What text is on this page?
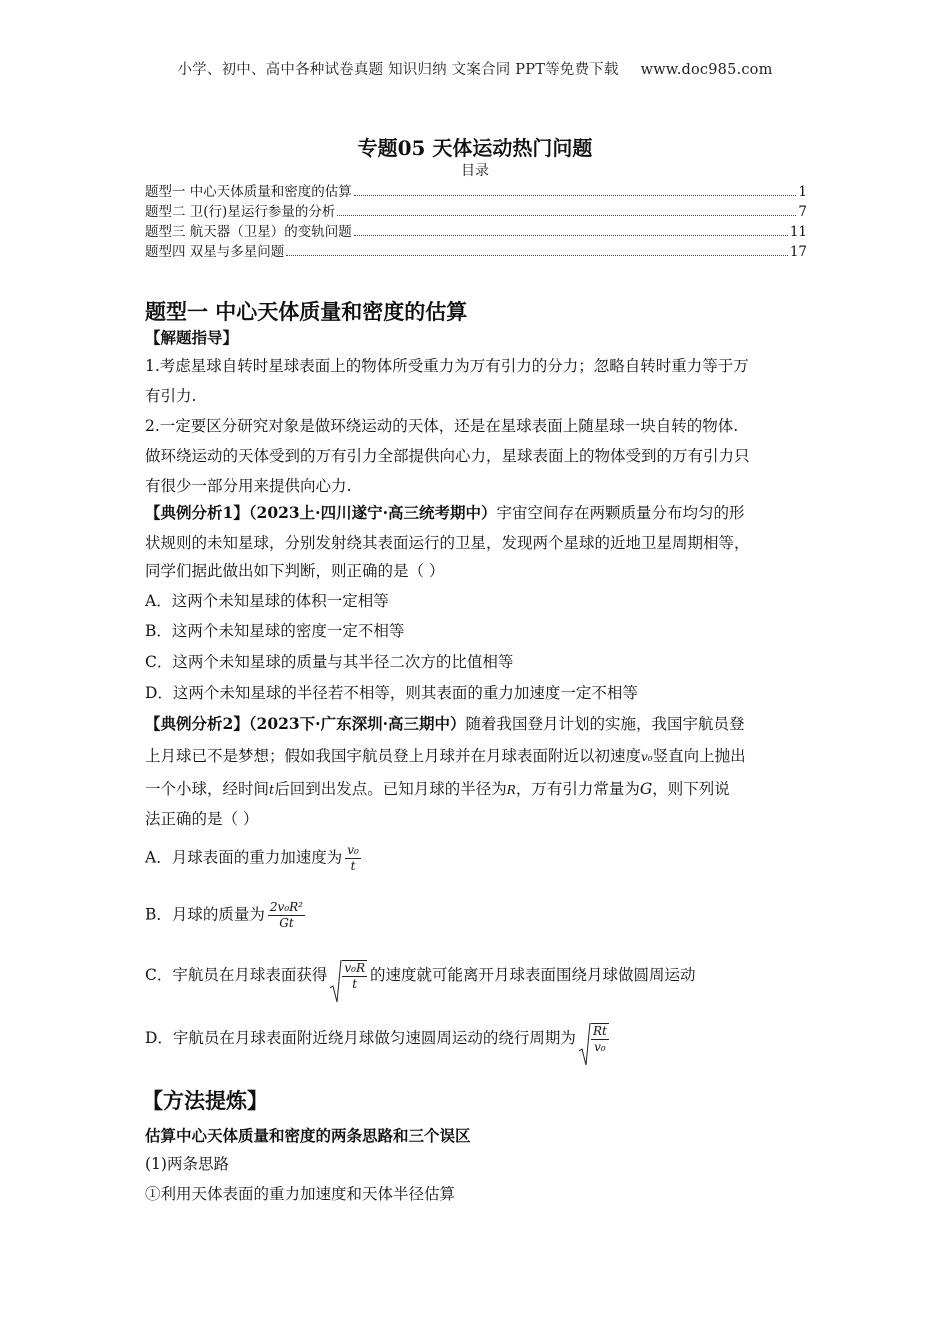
小学、初中、高中各种试卷真题 知识归纳 文案合同 PPT等免费下载 www.doc985.com
专题05 天体运动热门问题
目录
题型一 中心天体质量和密度的估算	1
题型二 卫(行)星运行参量的分析	7
题型三 航天器（卫星）的变轨问题	11
题型四 双星与多星问题	17
题型一 中心天体质量和密度的估算
【解题指导】
1.考虑星球自转时星球表面上的物体所受重力为万有引力的分力；忽略自转时重力等于万
有引力.
2.一定要区分研究对象是做环绕运动的天体，还是在星球表面上随星球一块自转的物体.
做环绕运动的天体受到的万有引力全部提供向心力，星球表面上的物体受到的万有引力只
有很少一部分用来提供向心力.
【典例分析1】（2023上·四川遂宁·高三统考期中）宇宙空间存在两颗质量分布均匀的形
状规则的未知星球，分别发射绕其表面运行的卫星，发现两个星球的近地卫星周期相等，
同学们据此做出如下判断，则正确的是（ ）
A．这两个未知星球的体积一定相等
B．这两个未知星球的密度一定不相等
C．这两个未知星球的质量与其半径二次方的比值相等
D．这两个未知星球的半径若不相等，则其表面的重力加速度一定不相等
【典例分析2】（2023下·广东深圳·高三期中）随着我国登月计划的实施，我国宇航员登
上月球已不是梦想；假如我国宇航员登上月球并在月球表面附近以初速度v₀竖直向上抛出
一个小球，经时间t后回到出发点。已知月球的半径为R，万有引力常量为G，则下列说
法正确的是（ ）
A．月球表面的重力加速度为 $\frac{\text{v₀}}{t}$
B．月球的质量为 $\frac{\text{2v₀R²}}{Gt}$
C．宇航员在月球表面获得 $\frac{\text{v₀R}}{t}$ 的速度就可能离开月球表面围绕月球做圆周运动
D．宇航员在月球表面附近绕月球做匀速圆周运动的绕行周期为 $\frac{Rt}{\text{v₀}}$
【方法提炼】
估算中心天体质量和密度的两条思路和三个误区
(1)两条思路
①利用天体表面的重力加速度和天体半径估算
